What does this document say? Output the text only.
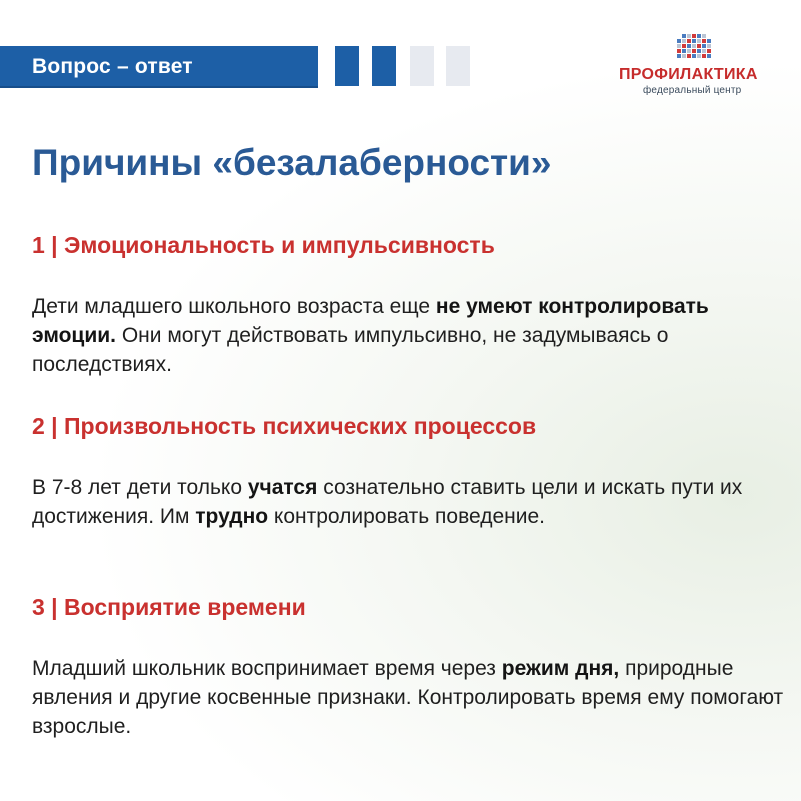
Вопрос – ответ	ПРОФИЛАКТИКА
федеральный центр
Причины «безалаберности»
1 | Эмоциональность и импульсивность

Дети младшего школьного возраста еще не умеют контролировать эмоции. Они могут действовать импульсивно, не задумываясь о последствиях.

2 | Произвольность психических процессов

В 7-8 лет дети только учатся сознательно ставить цели и искать пути их достижения. Им трудно контролировать поведение.

3 | Восприятие времени

Младший школьник воспринимает время через режим дня, природные явления и другие косвенные признаки. Контролировать время ему помогают взрослые.
